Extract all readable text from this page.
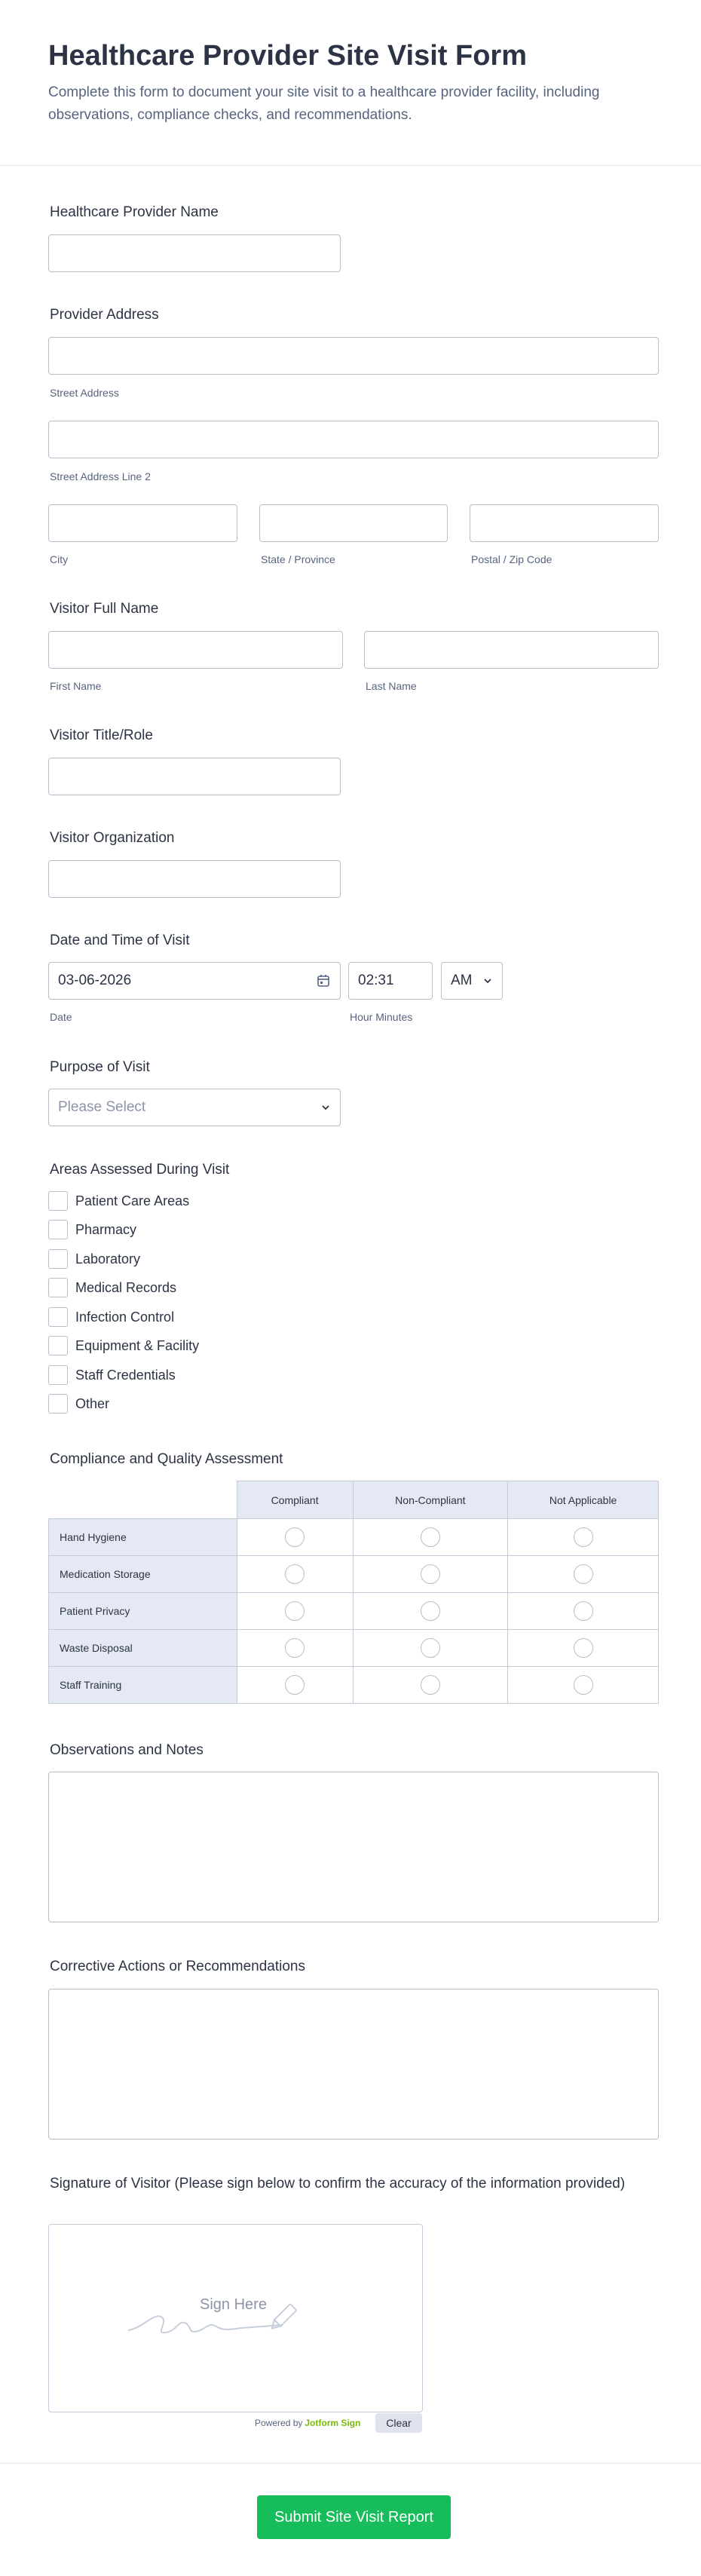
Healthcare Provider Site Visit Form
Complete this form to document your site visit to a healthcare provider facility, including observations, compliance checks, and recommendations.
Healthcare Provider Name
Provider Address
Street Address
Street Address Line 2
City	State / Province	Postal / Zip Code
Visitor Full Name
First Name	Last Name
Visitor Title/Role
Visitor Organization
Date and Time of Visit
03-06-2026	02:31	AM
Date	Hour Minutes
Purpose of Visit
Please Select
Areas Assessed During Visit
Patient Care Areas
Pharmacy
Laboratory
Medical Records
Infection Control
Equipment & Facility
Staff Credentials
Other
Compliance and Quality Assessment
	Compliant	Non-Compliant	Not Applicable
Hand Hygiene			
Medication Storage			
Patient Privacy			
Waste Disposal			
Staff Training			
Observations and Notes
Corrective Actions or Recommendations
Signature of Visitor (Please sign below to confirm the accuracy of the information provided)
Sign Here
Powered by Jotform Sign	Clear
Submit Site Visit Report
